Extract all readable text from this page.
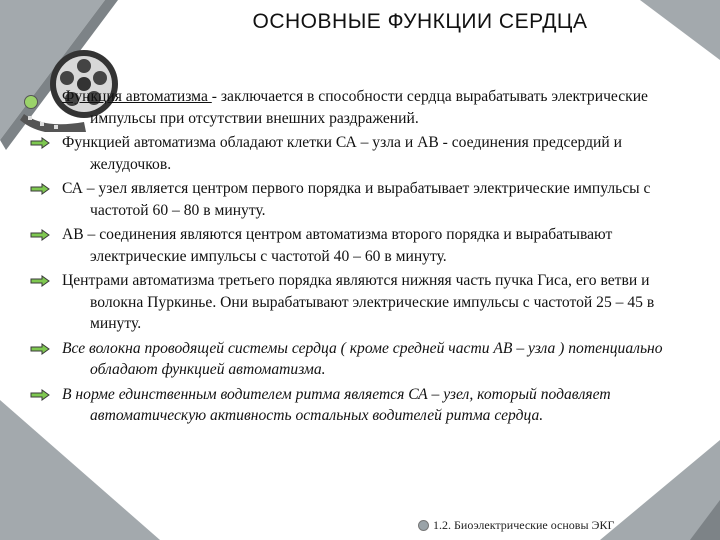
ОСНОВНЫЕ ФУНКЦИИ СЕРДЦА
Функция автоматизма - заключается в способности сердца вырабатывать электрические импульсы при отсутствии внешних раздражений.
Функцией автоматизма обладают клетки СА – узла и АВ - соединения предсердий и желудочков.
СА – узел является центром первого порядка и вырабатывает электрические импульсы с частотой 60 – 80 в минуту.
АВ – соединения являются центром автоматизма второго порядка и вырабатывают электрические импульсы с частотой 40 – 60 в минуту.
Центрами автоматизма третьего порядка являются нижняя часть пучка Гиса, его ветви и волокна Пуркинье. Они вырабатывают электрические импульсы с частотой 25 – 45 в минуту.
Все волокна проводящей системы сердца ( кроме средней части АВ – узла ) потенциально обладают функцией автоматизма.
В норме единственным водителем ритма является СА – узел, который подавляет автоматическую активность остальных водителей ритма сердца.
1.2. Биоэлектрические основы ЭКГ
